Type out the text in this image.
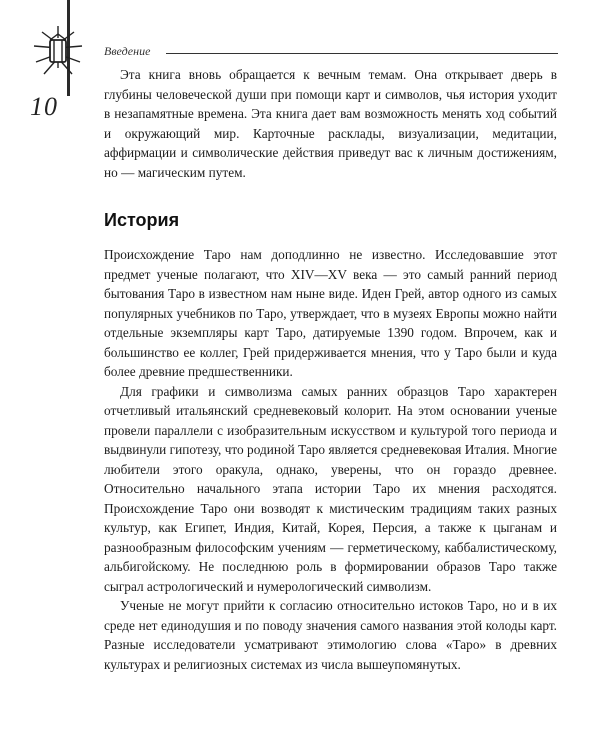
10
Введение

Эта книга вновь обращается к вечным темам. Она открывает дверь в глубины человеческой души при помощи карт и символов, чья история уходит в незапамятные времена. Эта книга дает вам возможность менять ход событий и окружающий мир. Карточные расклады, визуализации, медитации, аффирмации и символические действия приведут вас к личным достижениям, но — магическим путем.

История

Происхождение Таро нам доподлинно не известно. Исследовавшие этот предмет ученые полагают, что XIV—XV века — это самый ранний период бытования Таро в известном нам ныне виде. Иден Грей, автор одного из самых популярных учебников по Таро, утверждает, что в музеях Европы можно найти отдельные экземпляры карт Таро, датируемые 1390 годом. Впрочем, как и большинство ее коллег, Грей придерживается мнения, что у Таро были и куда более древние предшественники.

Для графики и символизма самых ранних образцов Таро характерен отчетливый итальянский средневековый колорит. На этом основании ученые провели параллели с изобразительным искусством и культурой того периода и выдвинули гипотезу, что родиной Таро является средневековая Италия. Многие любители этого оракула, однако, уверены, что он гораздо древнее. Относительно начального этапа истории Таро их мнения расходятся. Происхождение Таро они возводят к мистическим традициям таких разных культур, как Египет, Индия, Китай, Корея, Персия, а также к цыганам и разнообразным философским учениям — герметическому, каббалистическому, альбигойскому. Не последнюю роль в формировании образов Таро также сыграл астрологический и нумерологический символизм.

Ученые не могут прийти к согласию относительно истоков Таро, но и в их среде нет единодушия и по поводу значения самого названия этой колоды карт. Разные исследователи усматривают этимологию слова «Таро» в древних культурах и религиозных системах из числа вышеупомянутых.
